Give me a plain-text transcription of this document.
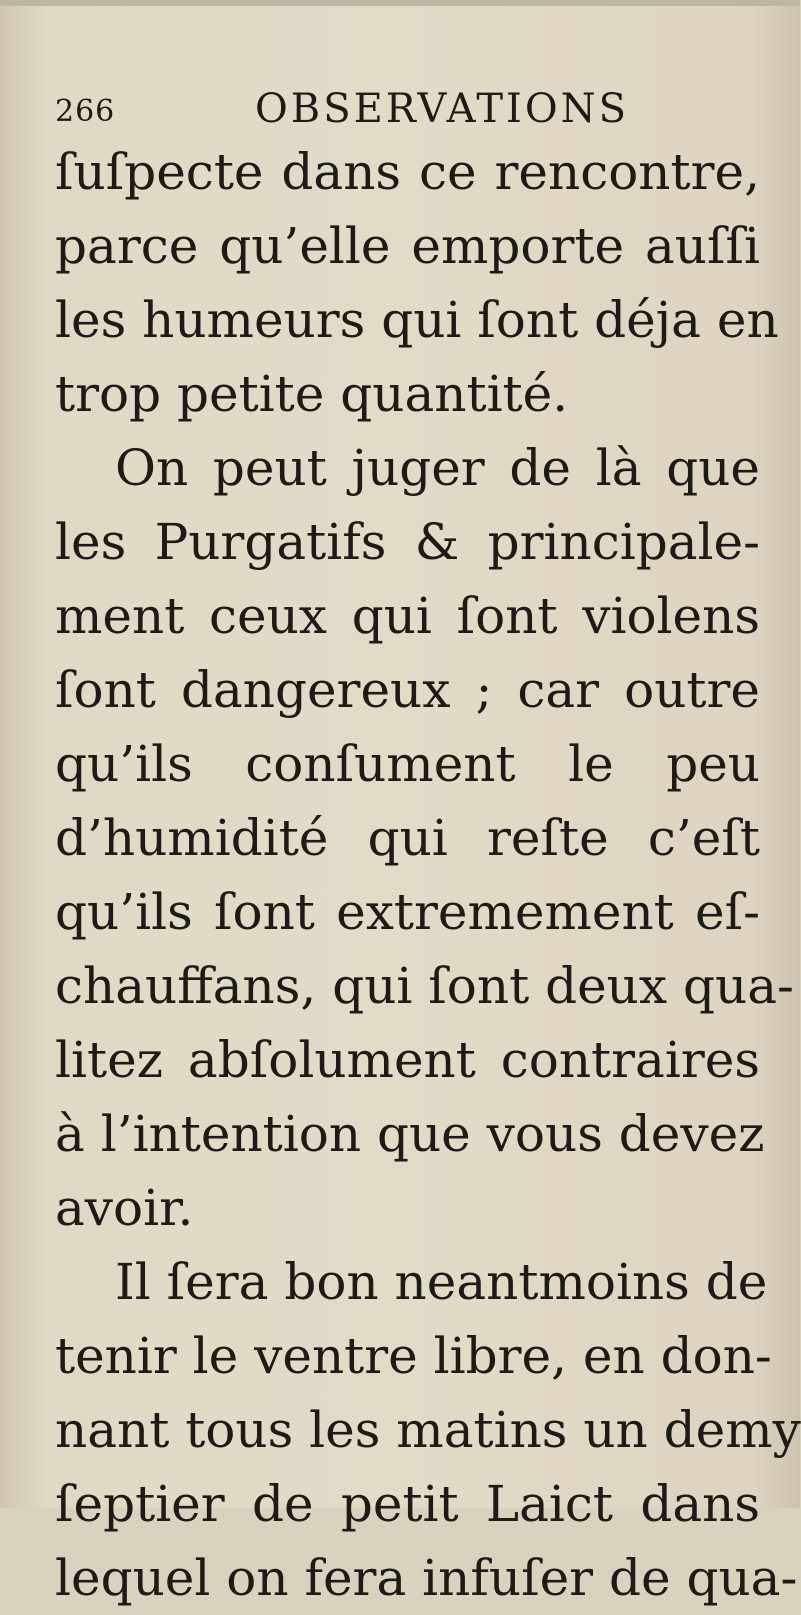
266	OBSERVATIONS
ſuſpecte dans ce rencontre,
parce qu’elle emporte auſſi
les humeurs qui ſont déja en
trop petite quantité.
On peut juger de là que
les Purgatifs & principale-
ment ceux qui ſont violens
ſont dangereux ; car outre
qu’ils conſument le peu
d’humidité qui reſte c’eſt
qu’ils ſont extremement eſ-
chauffans, qui ſont deux qua-
litez abſolument contraires
à l’intention que vous devez
avoir.
Il ſera bon neantmoins de
tenir le ventre libre, en don-
nant tous les matins un demy
ſeptier de petit Laict dans
lequel on fera infuſer de qua-
